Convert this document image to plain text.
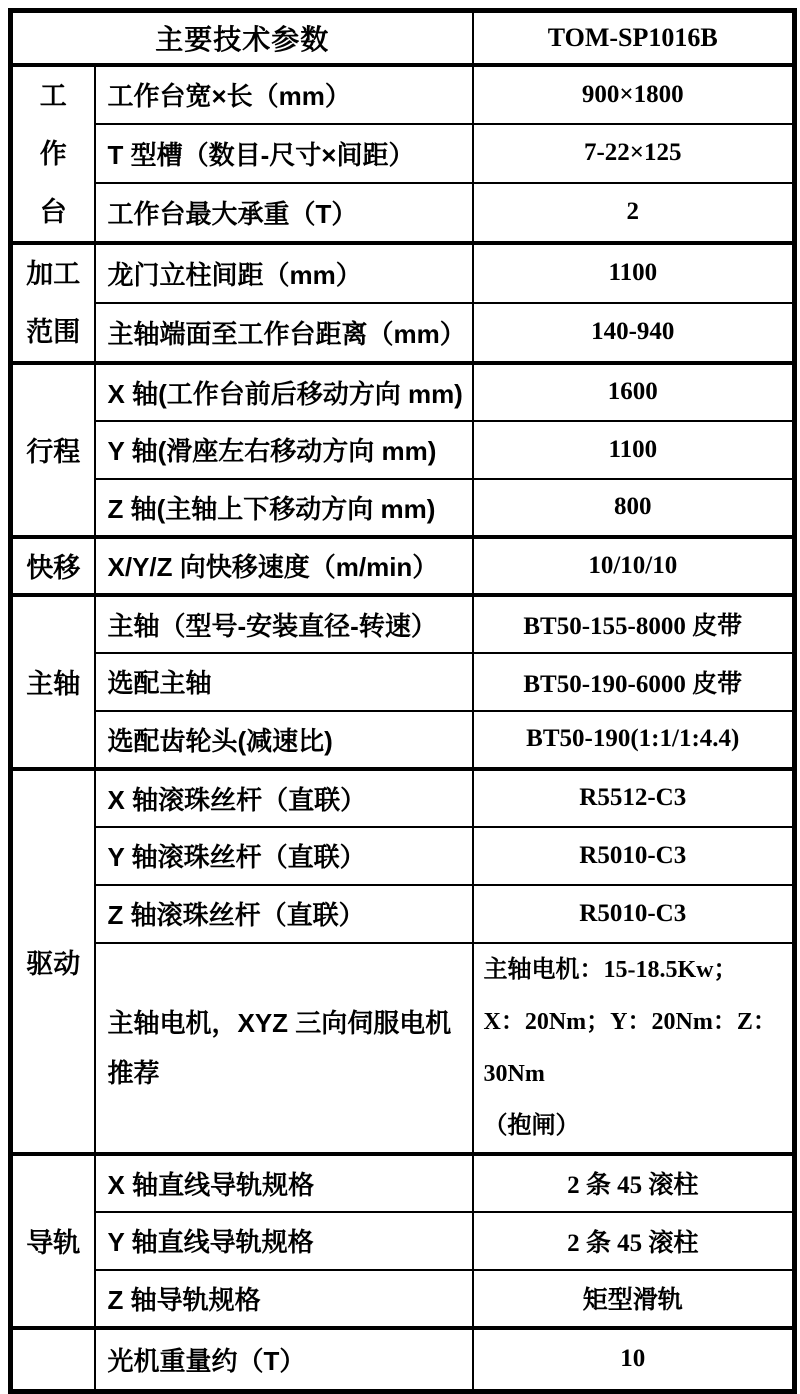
主要技术参数		TOM-SP1016B

工作台	工作台宽×长（mm）	900×1800
	T 型槽（数目-尺寸×间距）	7-22×125
	工作台最大承重（T）	2

加工范围	龙门立柱间距（mm）	1100
	主轴端面至工作台距离（mm）	140-940
行程	X 轴(工作台前后移动方向 mm)	1600
	Y 轴(滑座左右移动方向 mm)	1100
	Z 轴(主轴上下移动方向 mm)	800
快移	X/Y/Z 向快移速度（m/min）	10/10/10
主轴	主轴（型号-安装直径-转速）	BT50-155-8000 皮带
	选配主轴	BT50-190-6000 皮带
	选配齿轮头(减速比)	BT50-190(1:1/1:4.4)
驱动	X 轴滚珠丝杆（直联）	R5512-C3
	Y 轴滚珠丝杆（直联）	R5010-C3
	Z 轴滚珠丝杆（直联）	R5010-C3
	主轴电机，XYZ 三向伺服电机推荐	主轴电机：15-18.5Kw；
X：20Nm；Y：20Nm：Z：30Nm
（抱闸）

导轨	X 轴直线导轨规格	2 条 45 滚柱
	Y 轴直线导轨规格	2 条 45 滚柱
	Z 轴导轨规格	矩型滑轨
	光机重量约（T）	10
